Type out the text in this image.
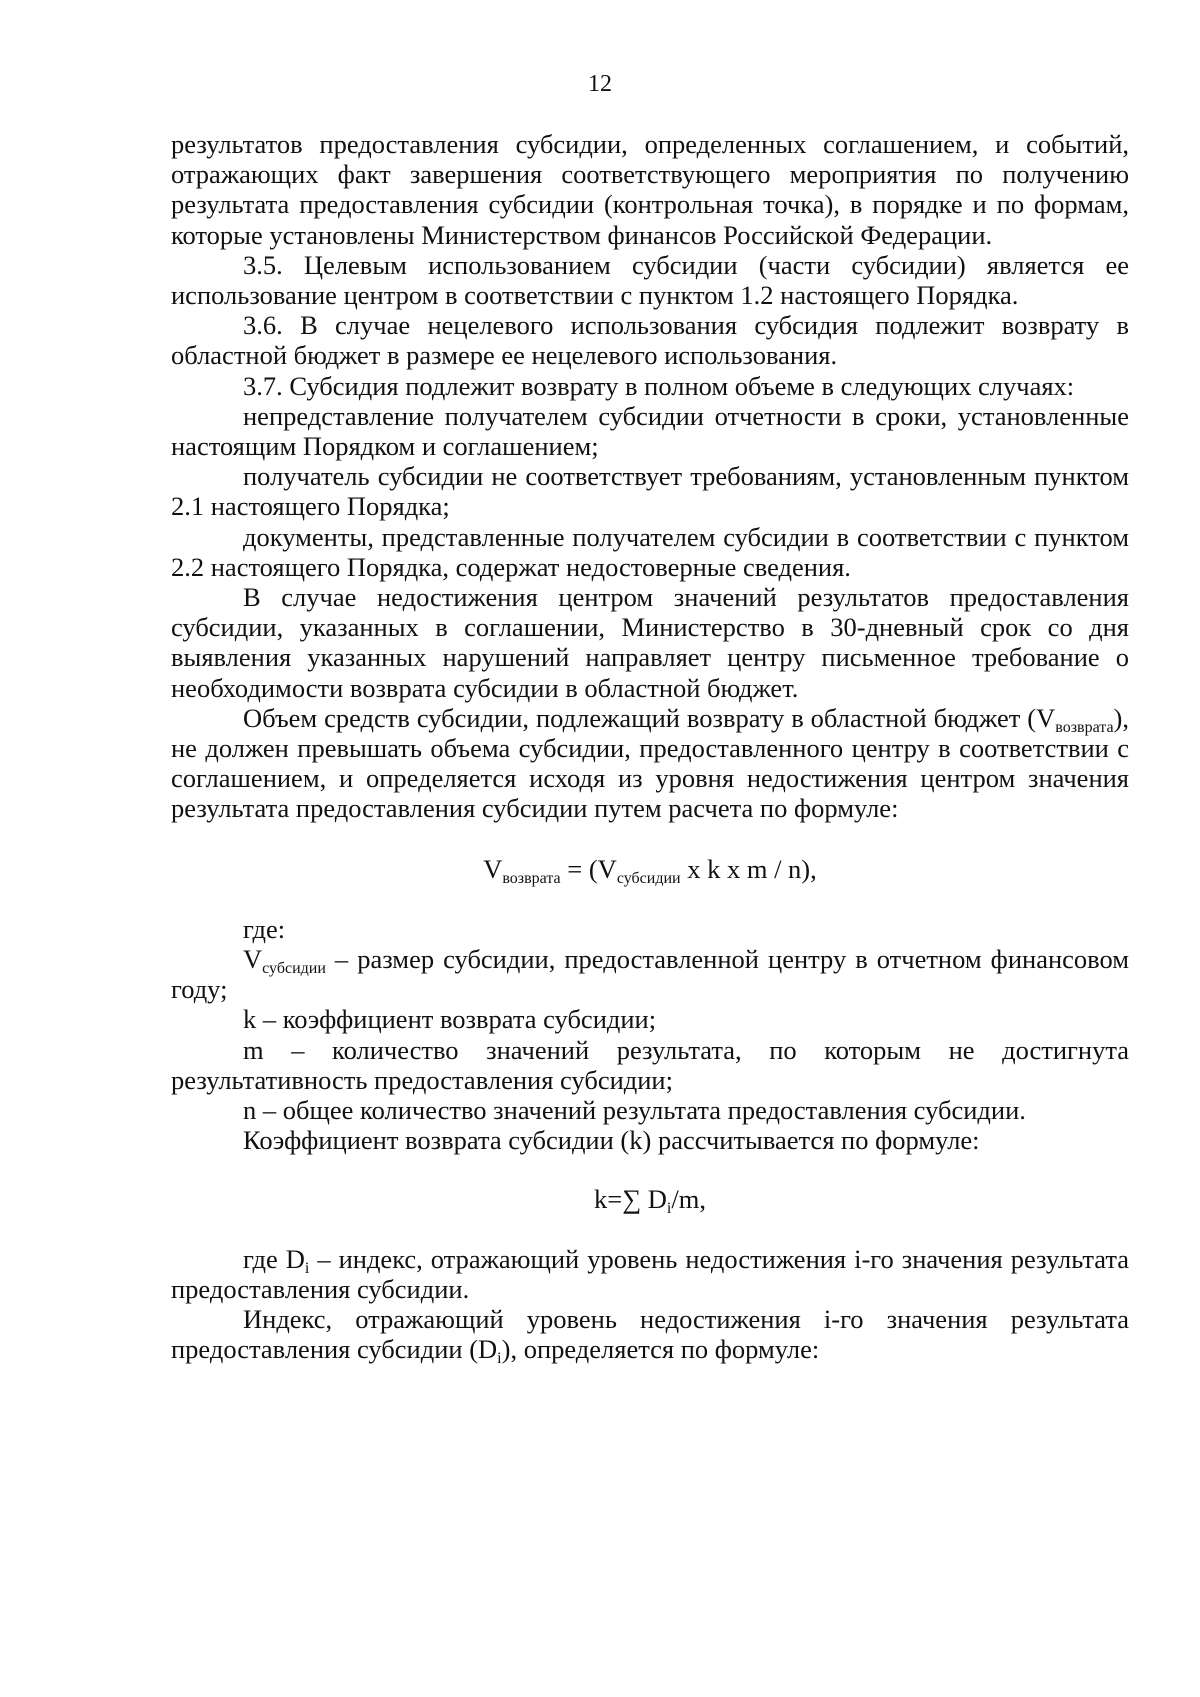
12

результатов предоставления субсидии, определенных соглашением, и событий, отражающих факт завершения соответствующего мероприятия по получению результата предоставления субсидии (контрольная точка), в порядке и по формам, которые установлены Министерством финансов Российской Федерации.

3.5. Целевым использованием субсидии (части субсидии) является ее использование центром в соответствии с пунктом 1.2 настоящего Порядка.

3.6. В случае нецелевого использования субсидия подлежит возврату в областной бюджет в размере ее нецелевого использования.

3.7. Субсидия подлежит возврату в полном объеме в следующих случаях:

непредставление получателем субсидии отчетности в сроки, установленные настоящим Порядком и соглашением;

получатель субсидии не соответствует требованиям, установленным пунктом 2.1 настоящего Порядка;

документы, представленные получателем субсидии в соответствии с пунктом 2.2 настоящего Порядка, содержат недостоверные сведения.

В случае недостижения центром значений результатов предоставления субсидии, указанных в соглашении, Министерство в 30-дневный срок со дня выявления указанных нарушений направляет центру письменное требование о необходимости возврата субсидии в областной бюджет.

Объем средств субсидии, подлежащий возврату в областной бюджет $(V_{возврата})$, не должен превышать объема субсидии, предоставленного центру в соответствии с соглашением, и определяется исходя из уровня недостижения центром значения результата предоставления субсидии путем расчета по формуле:

$V_{возврата} = (V_{субсидии}$ x k x m / n),

где:

$V_{субсидии}$ – размер субсидии, предоставленной центру в отчетном финансовом году;

k – коэффициент возврата субсидии;

m – количество значений результата, по которым не достигнута результативность предоставления субсидии;

n – общее количество значений результата предоставления субсидии.

Коэффициент возврата субсидии (k) рассчитывается по формуле:

k=∑ $D_i/m$,

где $D_i$ – индекс, отражающий уровень недостижения i-го значения результата предоставления субсидии.

Индекс, отражающий уровень недостижения i-го значения результата предоставления субсидии $(D_i)$, определяется по формуле:
